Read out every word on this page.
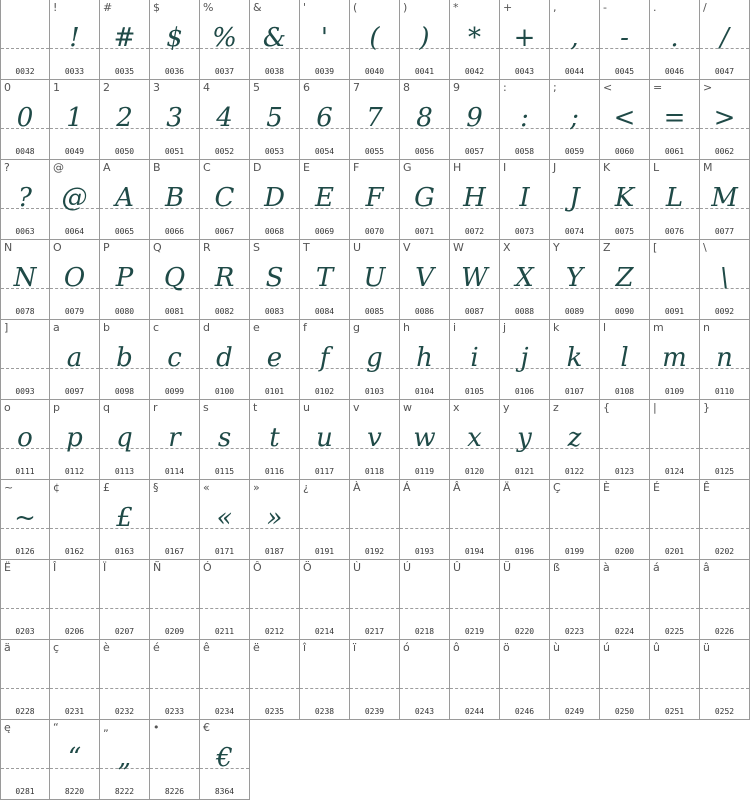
0032
!
!
0033
#
#
0035
$
$
0036
%
%
0037
&
&
0038
'
'
0039
(
(
0040
)
)
0041
*
*
0042
+
+
0043
,
,
0044
-
-
0045
.
.
0046
/
/
0047
0
0
0048
1
1
0049
2
2
0050
3
3
0051
4
4
0052
5
5
0053
6
6
0054
7
7
0055
8
8
0056
9
9
0057
:
:
0058
;
;
0059
<
<
0060
=
=
0061
>
>
0062
?
?
0063
@
@
0064
A
A
0065
B
B
0066
C
C
0067
D
D
0068
E
E
0069
F
F
0070
G
G
0071
H
H
0072
I
I
0073
J
J
0074
K
K
0075
L
L
0076
M
M
0077
N
N
0078
O
O
0079
P
P
0080
Q
Q
0081
R
R
0082
S
S
0083
T
T
0084
U
U
0085
V
V
0086
W
W
0087
X
X
0088
Y
Y
0089
Z
Z
0090
[
0091
\
\
0092
]
0093
a
a
0097
b
b
0098
c
c
0099
d
d
0100
e
e
0101
f
f
0102
g
g
0103
h
h
0104
i
i
0105
j
j
0106
k
k
0107
l
l
0108
m
m
0109
n
n
0110
o
o
0111
p
p
0112
q
q
0113
r
r
0114
s
s
0115
t
t
0116
u
u
0117
v
v
0118
w
w
0119
x
x
0120
y
y
0121
z
z
0122
{
0123
|
0124
}
0125
~
~
0126
¢
0162
£
£
0163
§
0167
«
«
0171
»
»
0187
¿
0191
À
0192
Á
0193
Â
0194
Ä
0196
Ç
0199
È
0200
É
0201
Ê
0202
Ë
0203
Î
0206
Ï
0207
Ñ
0209
Ó
0211
Ô
0212
Ö
0214
Ù
0217
Ú
0218
Û
0219
Ü
0220
ß
0223
à
0224
á
0225
â
0226
ä
0228
ç
0231
è
0232
é
0233
ê
0234
ë
0235
î
0238
ï
0239
ó
0243
ô
0244
ö
0246
ù
0249
ú
0250
û
0251
ü
0252
ę
0281
“
“
8220
„
„
8222
•
8226
€
€
8364
